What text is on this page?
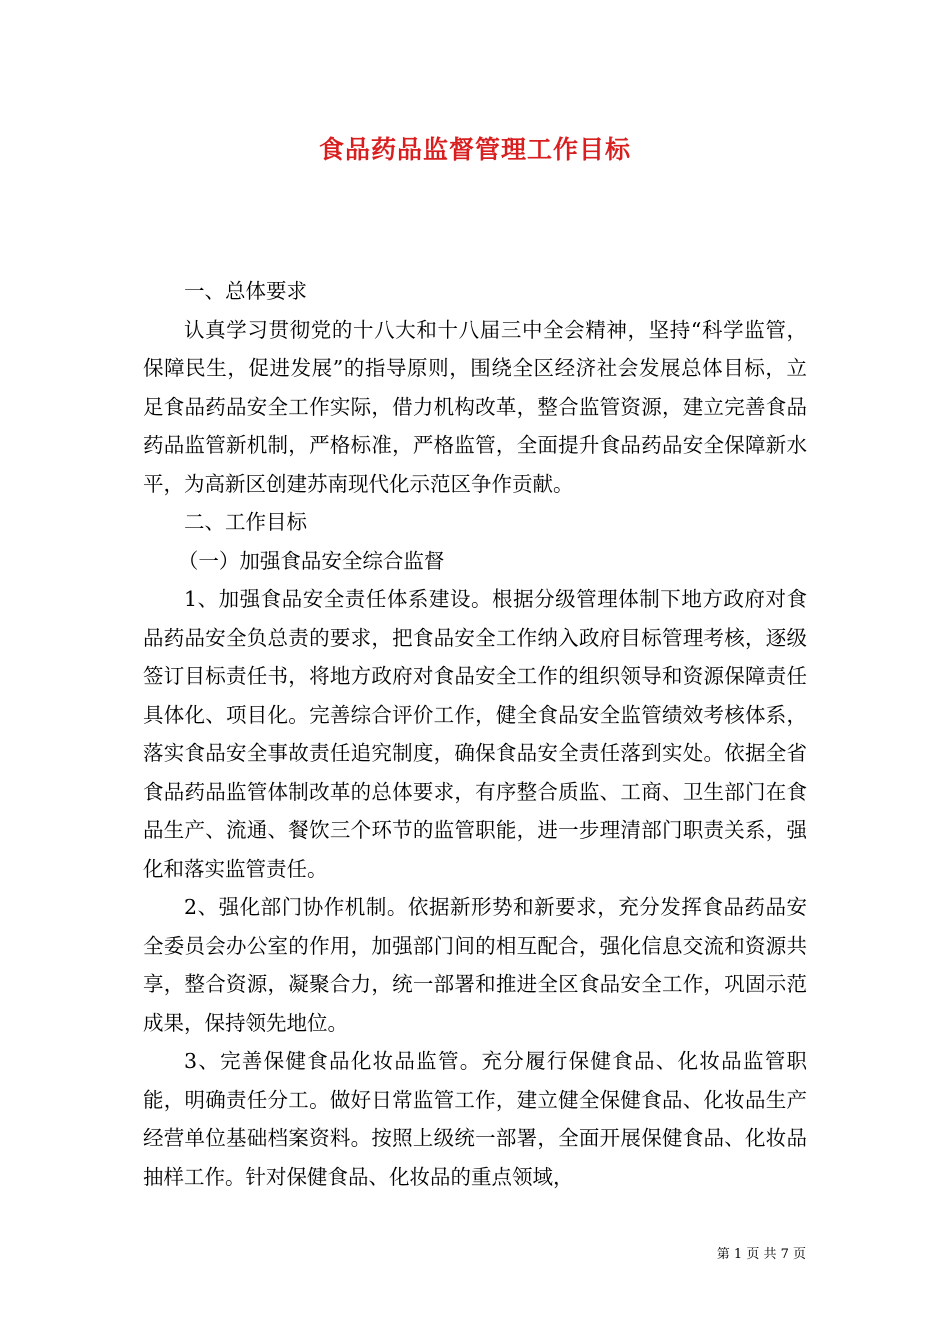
食品药品监督管理工作目标

一、总体要求

认真学习贯彻党的十八大和十八届三中全会精神，坚持“科学监管，保障民生，促进发展”的指导原则，围绕全区经济社会发展总体目标，立足食品药品安全工作实际，借力机构改革，整合监管资源，建立完善食品药品监管新机制，严格标准，严格监管，全面提升食品药品安全保障新水平，为高新区创建苏南现代化示范区争作贡献。

二、工作目标

（一）加强食品安全综合监督

1、加强食品安全责任体系建设。根据分级管理体制下地方政府对食品药品安全负总责的要求，把食品安全工作纳入政府目标管理考核，逐级签订目标责任书，将地方政府对食品安全工作的组织领导和资源保障责任具体化、项目化。完善综合评价工作，健全食品安全监管绩效考核体系，落实食品安全事故责任追究制度，确保食品安全责任落到实处。依据全省食品药品监管体制改革的总体要求，有序整合质监、工商、卫生部门在食品生产、流通、餐饮三个环节的监管职能，进一步理清部门职责关系，强化和落实监管责任。

2、强化部门协作机制。依据新形势和新要求，充分发挥食品药品安全委员会办公室的作用，加强部门间的相互配合，强化信息交流和资源共享，整合资源，凝聚合力，统一部署和推进全区食品安全工作，巩固示范成果，保持领先地位。

3、完善保健食品化妆品监管。充分履行保健食品、化妆品监管职能，明确责任分工。做好日常监管工作，建立健全保健食品、化妆品生产经营单位基础档案资料。按照上级统一部署，全面开展保健食品、化妆品抽样工作。针对保健食品、化妆品的重点领域，

第 1 页 共 7 页
